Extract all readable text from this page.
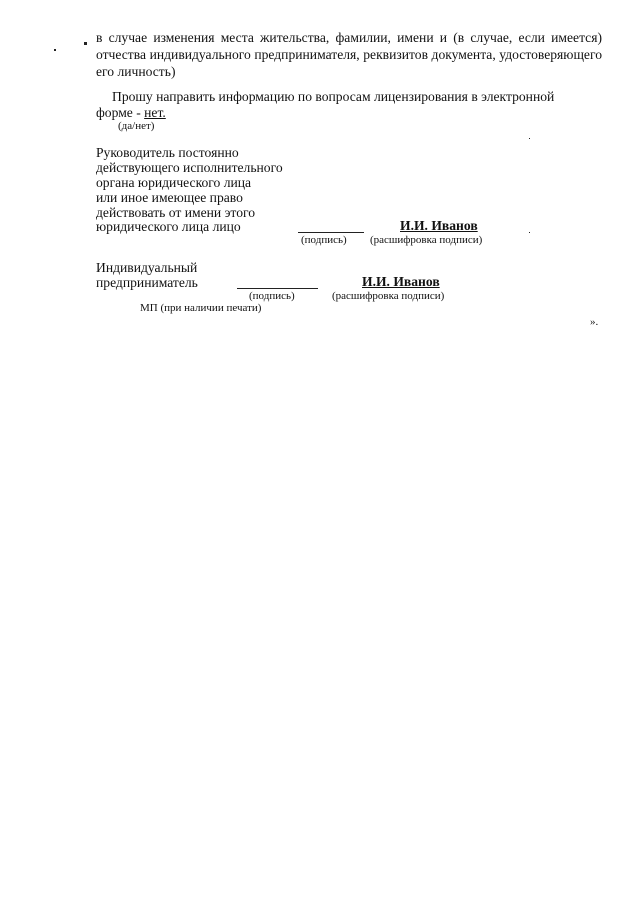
в случае изменения места жительства, фамилии, имени и (в случае, если имеется) отчества индивидуального предпринимателя, реквизитов документа, удостоверяющего его личность)
Прошу направить информацию по вопросам лицензирования в электронной
форме - нет.
(да/нет)
Руководитель постоянно
действующего исполнительного
органа юридического лица
или иное имеющее право
действовать от имени этого
юридического лица лицо	И.И. Иванов
(подпись) (расшифровка подписи)
Индивидуальный
предприниматель	И.И. Иванов
(подпись)	(расшифровка подписи)
МП (при наличии печати)
».
